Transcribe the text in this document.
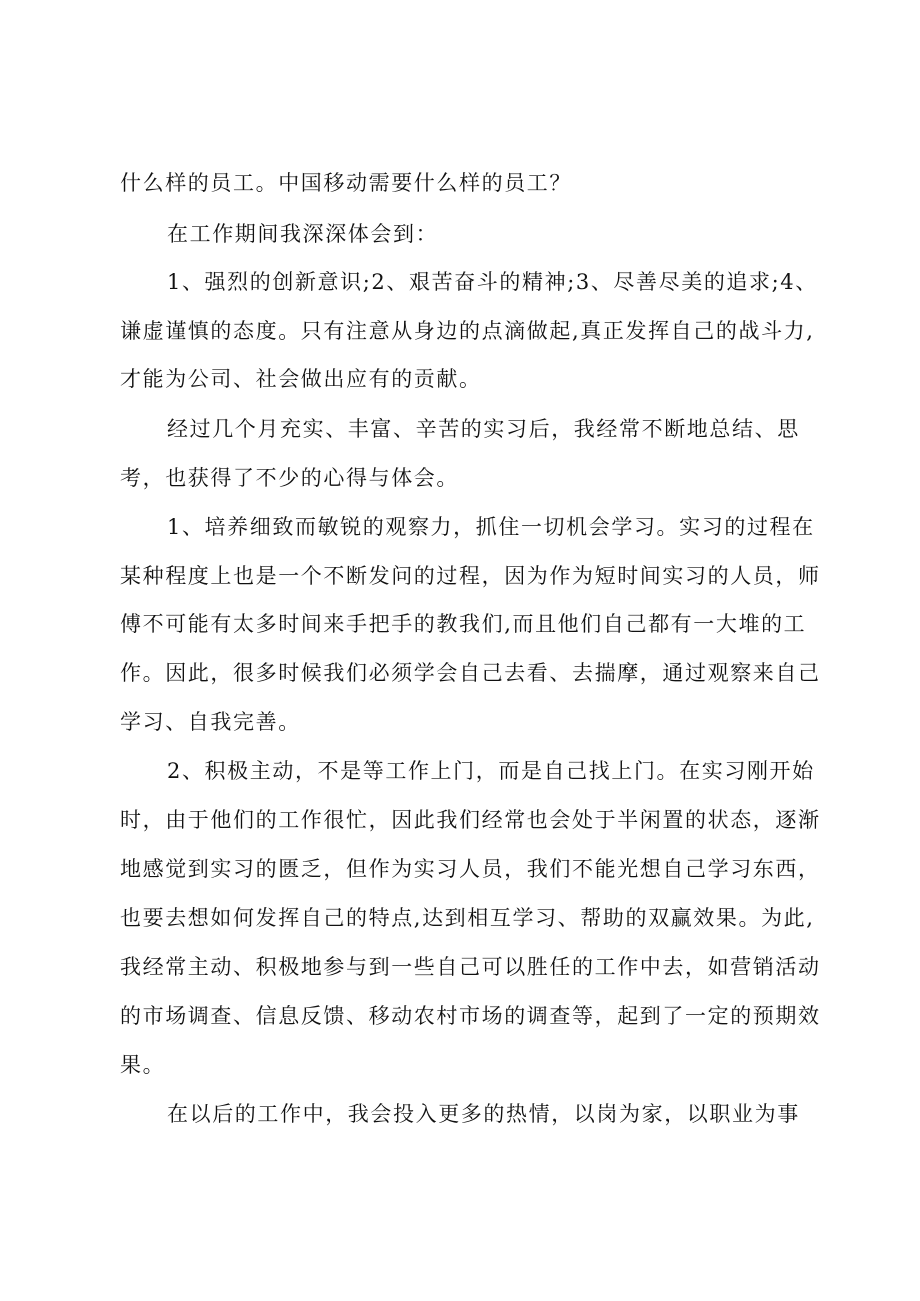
什么样的员工。中国移动需要什么样的员工？

在工作期间我深深体会到：

1、强烈的创新意识;2、艰苦奋斗的精神;3、尽善尽美的追求;4、

谦虚谨慎的态度。只有注意从身边的点滴做起,真正发挥自己的战斗力,

才能为公司、社会做出应有的贡献。

经过几个月充实、丰富、辛苦的实习后，我经常不断地总结、思

考，也获得了不少的心得与体会。

1、培养细致而敏锐的观察力，抓住一切机会学习。实习的过程在

某种程度上也是一个不断发问的过程，因为作为短时间实习的人员，师

傅不可能有太多时间来手把手的教我们,而且他们自己都有一大堆的工

作。因此，很多时候我们必须学会自己去看、去揣摩，通过观察来自己

学习、自我完善。

2、积极主动，不是等工作上门，而是自己找上门。在实习刚开始

时，由于他们的工作很忙，因此我们经常也会处于半闲置的状态，逐渐

地感觉到实习的匮乏，但作为实习人员，我们不能光想自己学习东西，

也要去想如何发挥自己的特点,达到相互学习、帮助的双赢效果。为此,

我经常主动、积极地参与到一些自己可以胜任的工作中去，如营销活动

的市场调查、信息反馈、移动农村市场的调查等，起到了一定的预期效

果。

在以后的工作中，我会投入更多的热情，以岗为家，以职业为事
